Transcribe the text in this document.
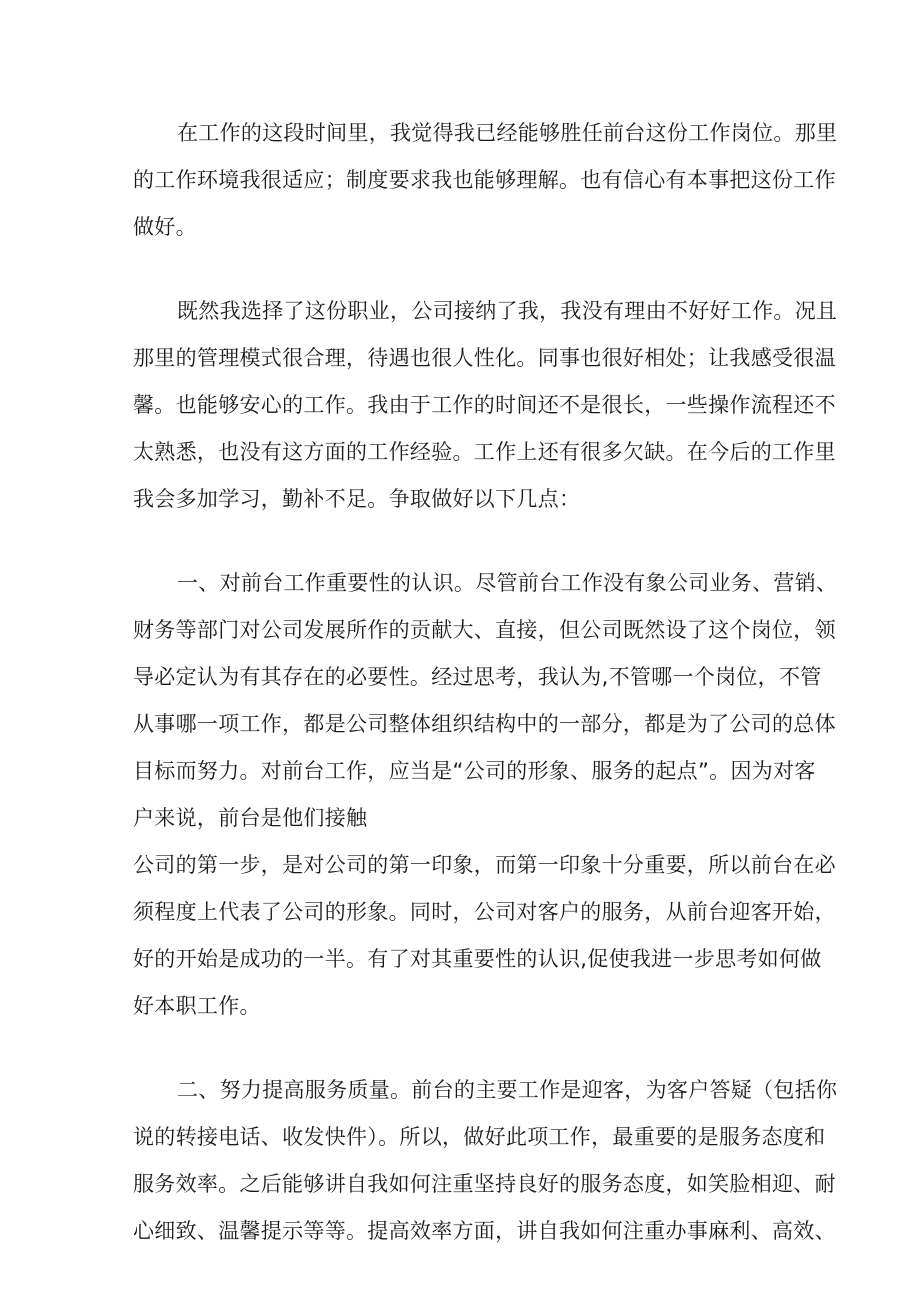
在工作的这段时间里，我觉得我已经能够胜任前台这份工作岗位。那里
的工作环境我很适应；制度要求我也能够理解。也有信心有本事把这份工作
做好。

既然我选择了这份职业，公司接纳了我，我没有理由不好好工作。况且
那里的管理模式很合理，待遇也很人性化。同事也很好相处；让我感受很温
馨。也能够安心的工作。我由于工作的时间还不是很长，一些操作流程还不
太熟悉，也没有这方面的工作经验。工作上还有很多欠缺。在今后的工作里
我会多加学习，勤补不足。争取做好以下几点：

一、对前台工作重要性的认识。尽管前台工作没有象公司业务、营销、
财务等部门对公司发展所作的贡献大、直接，但公司既然设了这个岗位，领
导必定认为有其存在的必要性。经过思考，我认为,不管哪一个岗位，不管
从事哪一项工作，都是公司整体组织结构中的一部分，都是为了公司的总体
目标而努力。对前台工作，应当是“公司的形象、服务的起点”。因为对客
户来说，前台是他们接触

公司的第一步，是对公司的第一印象，而第一印象十分重要，所以前台在必
须程度上代表了公司的形象。同时，公司对客户的服务，从前台迎客开始，
好的开始是成功的一半。有了对其重要性的认识,促使我进一步思考如何做
好本职工作。

二、努力提高服务质量。前台的主要工作是迎客，为客户答疑（包括你
说的转接电话、收发快件）。所以，做好此项工作，最重要的是服务态度和
服务效率。之后能够讲自我如何注重坚持良好的服务态度，如笑脸相迎、耐
心细致、温馨提示等等。提高效率方面，讲自我如何注重办事麻利、高效、
